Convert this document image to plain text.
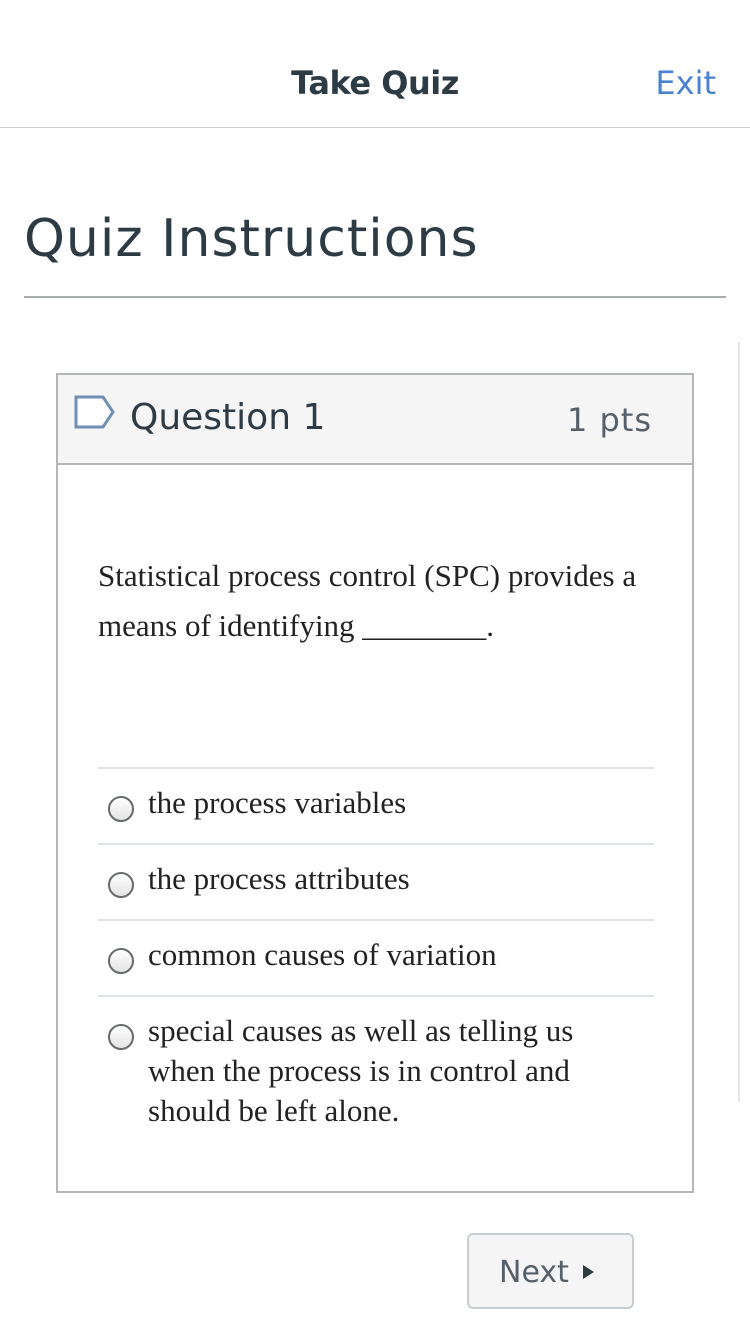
Take Quiz	Exit
Quiz Instructions
Question 1	1 pts

Statistical process control (SPC) provides a means of identifying ________.

the process variables
the process attributes
common causes of variation
special causes as well as telling us when the process is in control and should be left alone.
Next
